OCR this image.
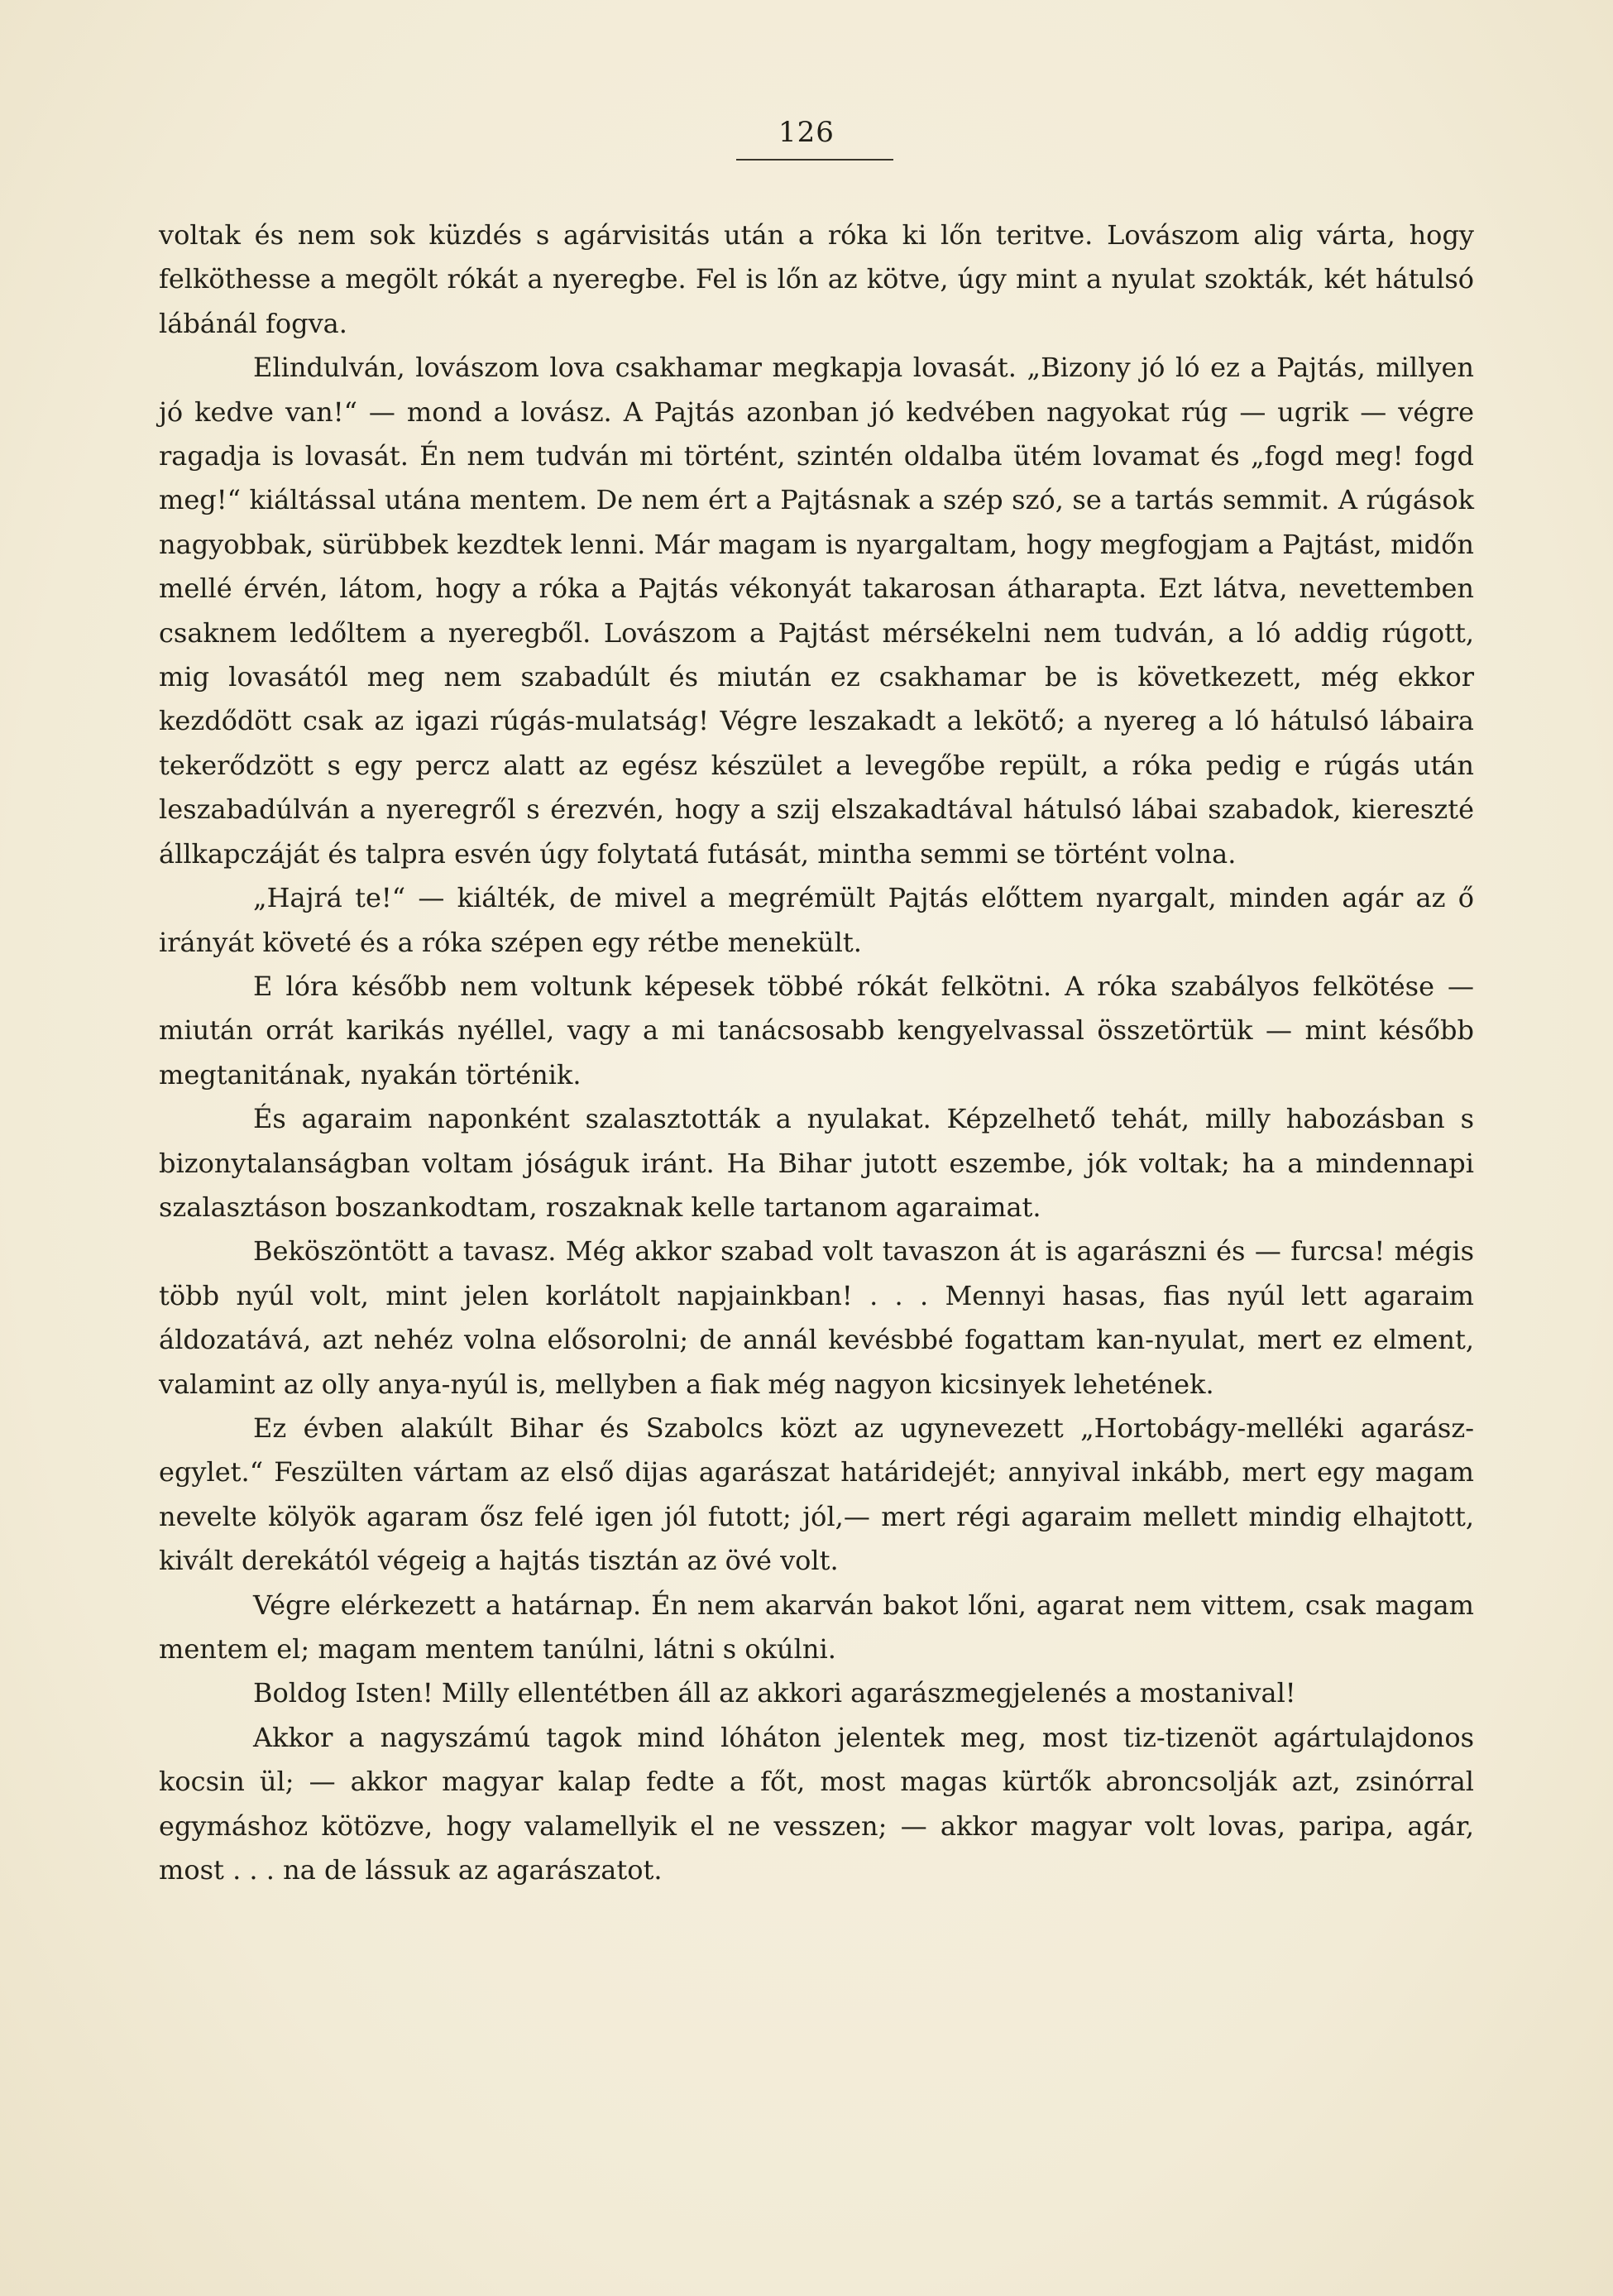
126

voltak és nem sok küzdés s agárvisitás után a róka ki lőn teritve. Lovászom alig várta, hogy felköthesse a megölt rókát a nyeregbe. Fel is lőn az kötve, úgy mint a nyulat szokták, két hátulsó lábánál fogva.

Elindulván, lovászom lova csakhamar megkapja lovasát. „Bizony jó ló ez a Pajtás, millyen jó kedve van!“ — mond a lovász. A Pajtás azonban jó kedvében nagyokat rúg — ugrik — végre ragadja is lovasát. Én nem tudván mi történt, szintén oldalba ütém lovamat és „fogd meg! fogd meg!“ kiáltással utána mentem. De nem ért a Pajtásnak a szép szó, se a tartás semmit. A rúgások nagyobbak, sürübbek kezdtek lenni. Már magam is nyargaltam, hogy megfogjam a Pajtást, midőn mellé érvén, látom, hogy a róka a Pajtás vékonyát takarosan átharapta. Ezt látva, nevettemben csaknem ledőltem a nyeregből. Lovászom a Pajtást mérsékelni nem tudván, a ló addig rúgott, mig lovasától meg nem szabadúlt és miután ez csakhamar be is következett, még ekkor kezdődött csak az igazi rúgás-mulatság! Végre leszakadt a lekötő; a nyereg a ló hátulsó lábaira tekerődzött s egy percz alatt az egész készület a levegőbe repült, a róka pedig e rúgás után leszabadúlván a nyeregről s érezvén, hogy a szij elszakadtával hátulsó lábai szabadok, kiereszté állkapczáját és talpra esvén úgy folytatá futását, mintha semmi se történt volna.

„Hajrá te!“ — kiálték, de mivel a megrémült Pajtás előttem nyargalt, minden agár az ő irányát követé és a róka szépen egy rétbe menekült.

E lóra később nem voltunk képesek többé rókát felkötni. A róka szabályos felkötése — miután orrát karikás nyéllel, vagy a mi tanácsosabb kengyelvassal összetörtük — mint később megtanitának, nyakán történik.

És agaraim naponként szalasztották a nyulakat. Képzelhető tehát, milly habozásban s bizonytalanságban voltam jóságuk iránt. Ha Bihar jutott eszembe, jók voltak; ha a mindennapi szalasztáson boszankodtam, roszaknak kelle tartanom agaraimat.

Beköszöntött a tavasz. Még akkor szabad volt tavaszon át is agarászni és — furcsa! mégis több nyúl volt, mint jelen korlátolt napjainkban! . . . Mennyi hasas, fias nyúl lett agaraim áldozatává, azt nehéz volna elősorolni; de annál kevésbbé fogattam kan-nyulat, mert ez elment, valamint az olly anya-nyúl is, mellyben a fiak még nagyon kicsinyek lehetének.

Ez évben alakúlt Bihar és Szabolcs közt az ugynevezett „Hortobágy-melléki agarász-egylet.“ Feszülten vártam az első dijas agarászat határidejét; annyival inkább, mert egy magam nevelte kölyök agaram ősz felé igen jól futott; jól,— mert régi agaraim mellett mindig elhajtott, kivált derekától végeig a hajtás tisztán az övé volt.

Végre elérkezett a határnap. Én nem akarván bakot lőni, agarat nem vittem, csak magam mentem el; magam mentem tanúlni, látni s okúlni.

Boldog Isten! Milly ellentétben áll az akkori agarászmegjelenés a mostanival!

Akkor a nagyszámú tagok mind lóháton jelentek meg, most tiz-tizenöt agártulajdonos kocsin ül; — akkor magyar kalap fedte a főt, most magas kürtők abroncsolják azt, zsinórral egymáshoz kötözve, hogy valamellyik el ne vesszen; — akkor magyar volt lovas, paripa, agár, most . . . na de lássuk az agarászatot.
